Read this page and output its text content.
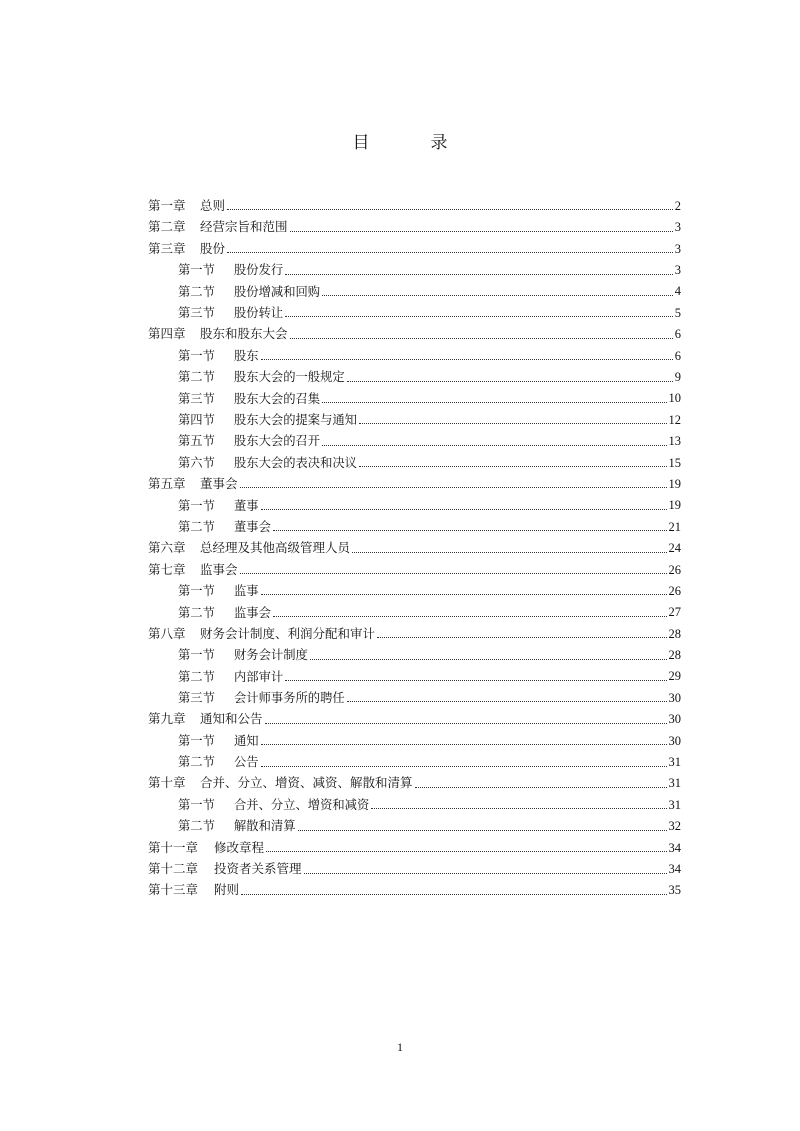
目　录
第一章	总则	2
第二章	经营宗旨和范围	3
第三章	股份	3
第一节	股份发行	3
第二节	股份增减和回购	4
第三节	股份转让	5
第四章	股东和股东大会	6
第一节	股东	6
第二节	股东大会的一般规定	9
第三节	股东大会的召集	10
第四节	股东大会的提案与通知	12
第五节	股东大会的召开	13
第六节	股东大会的表决和决议	15
第五章	董事会	19
第一节	董事	19
第二节	董事会	21
第六章	总经理及其他高级管理人员	24
第七章	监事会	26
第一节	监事	26
第二节	监事会	27
第八章	财务会计制度、利润分配和审计	28
第一节	财务会计制度	28
第二节	内部审计	29
第三节	会计师事务所的聘任	30
第九章	通知和公告	30
第一节	通知	30
第二节	公告	31
第十章	合并、分立、增资、减资、解散和清算	31
第一节	合并、分立、增资和减资	31
第二节	解散和清算	32
第十一章	修改章程	34
第十二章	投资者关系管理	34
第十三章	附则	35
1
